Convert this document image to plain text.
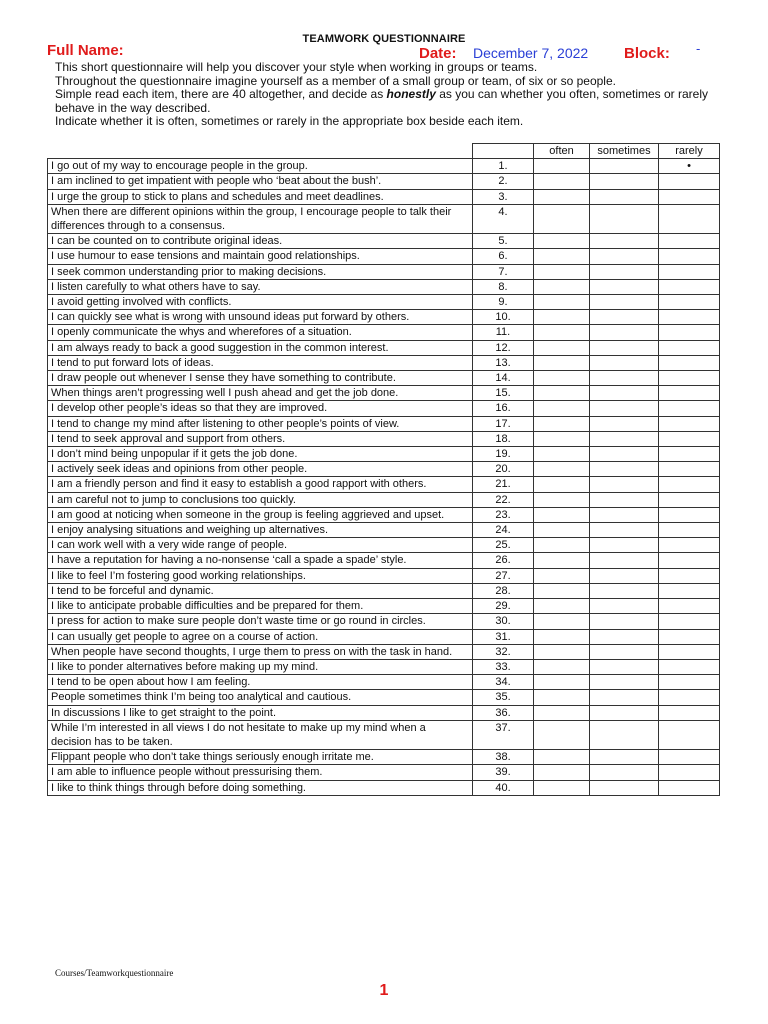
TEAMWORK QUESTIONNAIRE
Full Name:	Date: December 7, 2022 Block: -

This short questionnaire will help you discover your style when working in groups or teams.

Throughout the questionnaire imagine yourself as a member of a small group or team, of six or so people.

Simple read each item, there are 40 altogether, and decide as honestly as you can whether you often, sometimes or rarely behave in the way described.

Indicate whether it is often, sometimes or rarely in the appropriate box beside each item.

		often	sometimes	rarely
I go out of my way to encourage people in the group.	1.			•
I am inclined to get impatient with people who ‘beat about the bush’.	2.			
I urge the group to stick to plans and schedules and meet deadlines.	3.			
When there are different opinions within the group, I encourage people to talk their differences through to a consensus.	4.			
I can be counted on to contribute original ideas.	5.			
I use humour to ease tensions and maintain good relationships.	6.			
I seek common understanding prior to making decisions.	7.			
I listen carefully to what others have to say.	8.			
I avoid getting involved with conflicts.	9.			
I can quickly see what is wrong with unsound ideas put forward by others.	10.			
I openly communicate the whys and wherefores of a situation.	11.			
I am always ready to back a good suggestion in the common interest.	12.			
I tend to put forward lots of ideas.	13.			
I draw people out whenever I sense they have something to contribute.	14.			
When things aren’t progressing well I push ahead and get the job done.	15.			
I develop other people’s ideas so that they are improved.	16.			
I tend to change my mind after listening to other people’s points of view.	17.			
I tend to seek approval and support from others.	18.			
I don’t mind being unpopular if it gets the job done.	19.			
I actively seek ideas and opinions from other people.	20.			
I am a friendly person and find it easy to establish a good rapport with others.	21.			
I am careful not to jump to conclusions too quickly.	22.			
I am good at noticing when someone in the group is feeling aggrieved and upset.	23.			
I enjoy analysing situations and weighing up alternatives.	24.			
I can work well with a very wide range of people.	25.			
I have a reputation for having a no-nonsense ‘call a spade a spade’ style.	26.			
I like to feel I’m fostering good working relationships.	27.			
I tend to be forceful and dynamic.	28.			
I like to anticipate probable difficulties and be prepared for them.	29.			
I press for action to make sure people don’t waste time or go round in circles.	30.			
I can usually get people to agree on a course of action.	31.			
When people have second thoughts, I urge them to press on with the task in hand.	32.			
I like to ponder alternatives before making up my mind.	33.			
I tend to be open about how I am feeling.	34.			
People sometimes think I’m being too analytical and cautious.	35.			
In discussions I like to get straight to the point.	36.			
While I’m interested in all views I do not hesitate to make up my mind when a decision has to be taken.	37.			
Flippant people who don’t take things seriously enough irritate me.	38.			
I am able to influence people without pressurising them.	39.			
I like to think things through before doing something.	40.			
Courses/Teamworkquestionnaire
1
